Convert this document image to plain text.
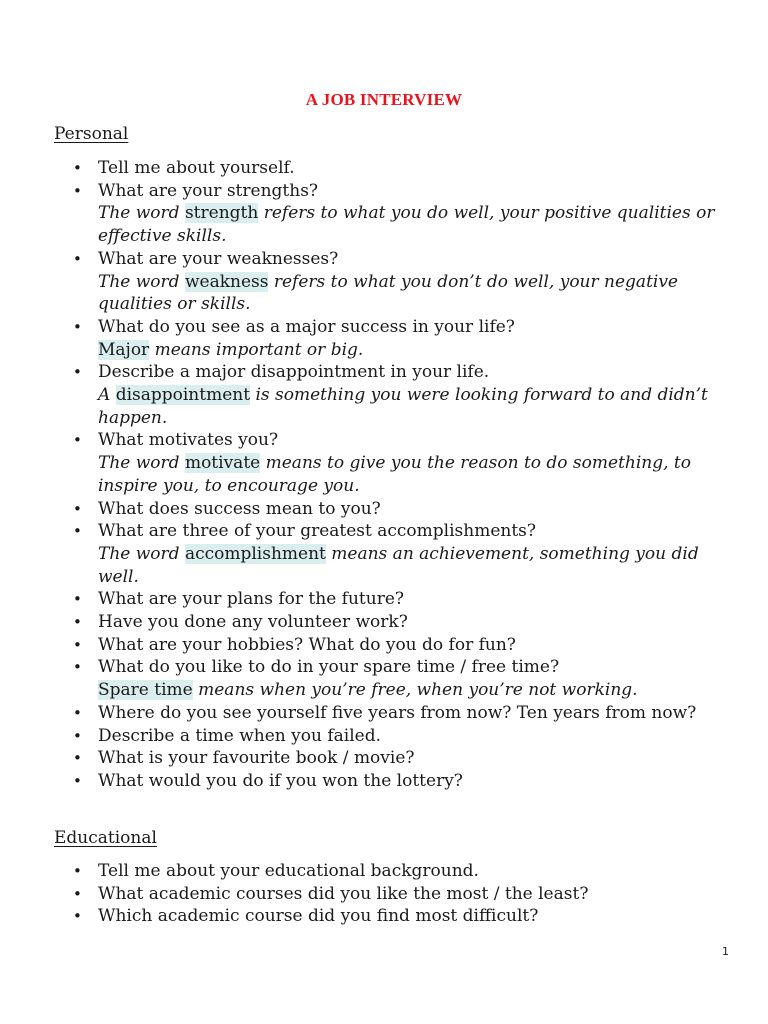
A JOB INTERVIEW
Personal
• Tell me about yourself.
• What are your strengths?
The word strength refers to what you do well, your positive qualities or effective skills.
• What are your weaknesses?
The word weakness refers to what you don’t do well, your negative qualities or skills.
• What do you see as a major success in your life?
Major means important or big.
• Describe a major disappointment in your life.
A disappointment is something you were looking forward to and didn’t happen.
• What motivates you?
The word motivate means to give you the reason to do something, to inspire you, to encourage you.
• What does success mean to you?
• What are three of your greatest accomplishments?
The word accomplishment means an achievement, something you did well.
• What are your plans for the future?
• Have you done any volunteer work?
• What are your hobbies? What do you do for fun?
• What do you like to do in your spare time / free time?
Spare time means when you’re free, when you’re not working.
• Where do you see yourself five years from now? Ten years from now?
• Describe a time when you failed.
• What is your favourite book / movie?
• What would you do if you won the lottery?
Educational
• Tell me about your educational background.
• What academic courses did you like the most / the least?
• Which academic course did you find most difficult?
1
